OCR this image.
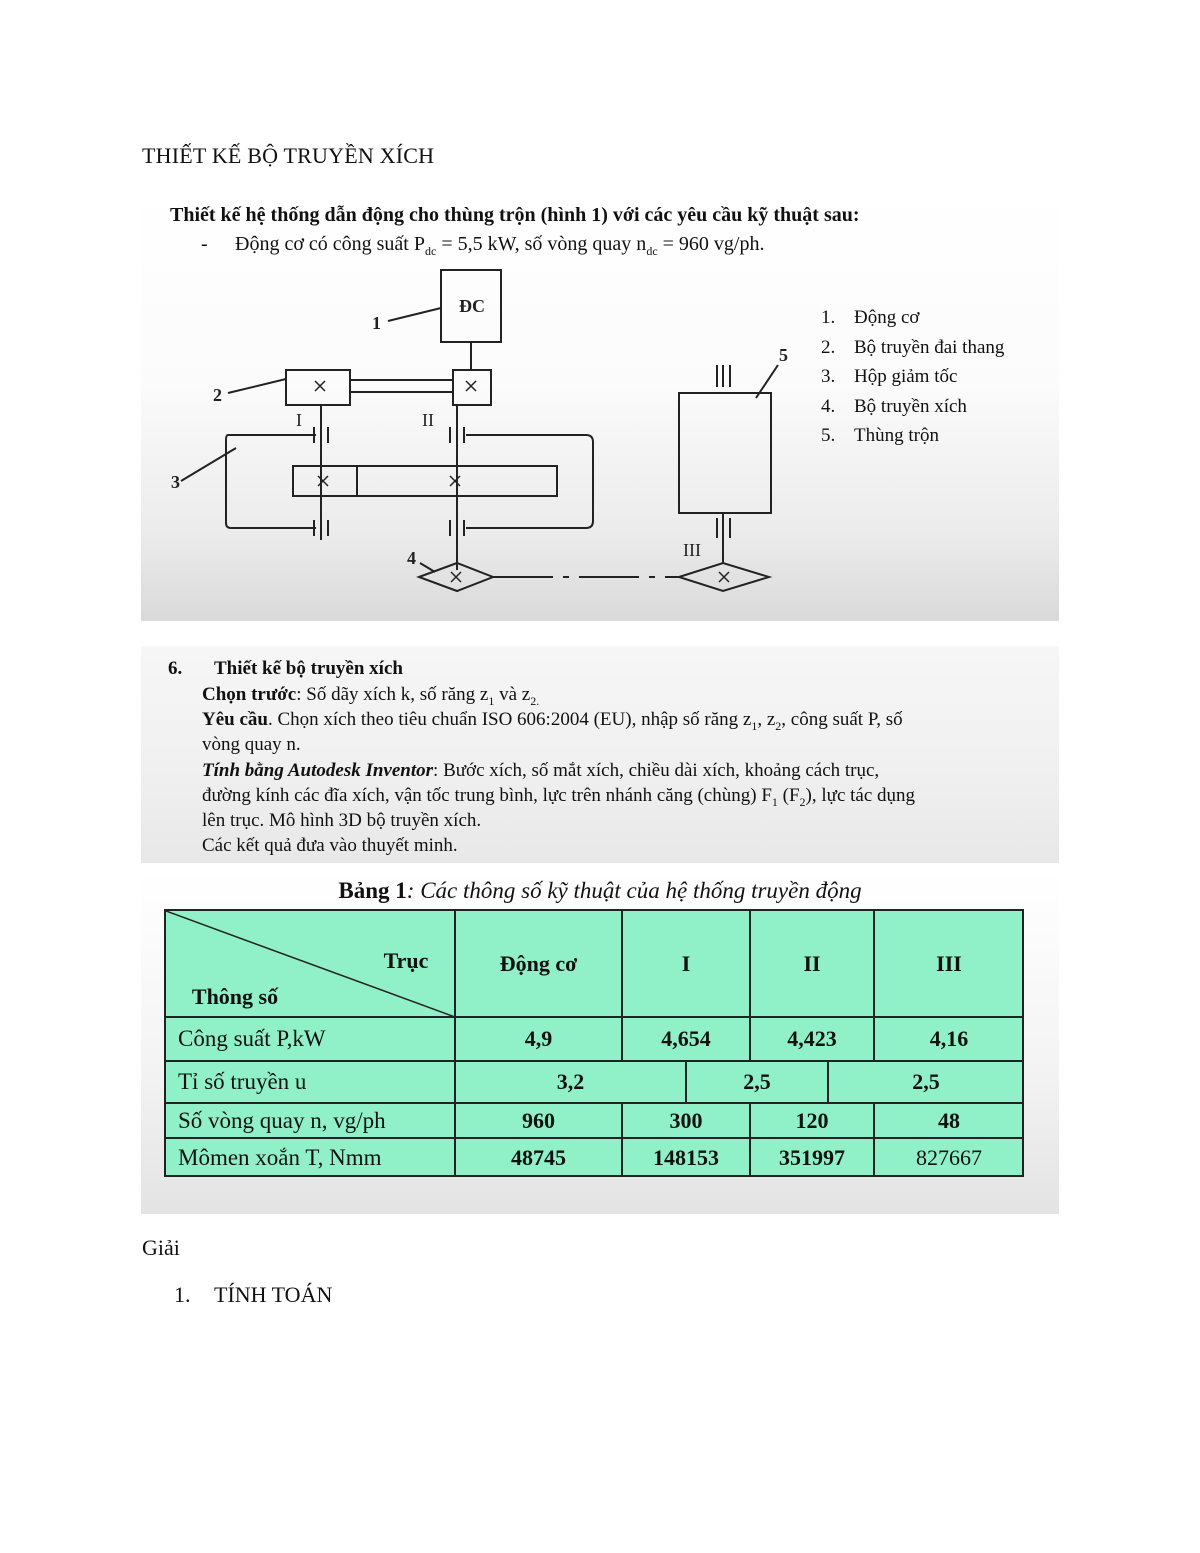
THIẾT KẾ BỘ TRUYỀN XÍCH
Thiết kế hệ thống dẫn động cho thùng trộn (hình 1) với các yêu cầu kỹ thuật sau:
- Động cơ có công suất $P_{dc} = 5,5$ kW, số vòng quay $n_{dc} = 960$ vg/ph.
ĐC
1
2
3
4
5
I	II
III
1. Động cơ
2. Bộ truyền đai thang
3. Hộp giảm tốc
4. Bộ truyền xích
5. Thùng trộn
6. Thiết kế bộ truyền xích
Chọn trước: Số dãy xích k, số răng $z_1$ và $z_{2.}$
Yêu cầu. Chọn xích theo tiêu chuẩn ISO 606:2004 (EU), nhập số răng $z_1$, $z_2$, công suất P, số
vòng quay n.
Tính bằng Autodesk Inventor: Bước xích, số mắt xích, chiều dài xích, khoảng cách trục,
đường kính các đĩa xích, vận tốc trung bình, lực trên nhánh căng (chùng) $F_1$ $(F_2)$, lực tác dụng
lên trục. Mô hình 3D bộ truyền xích.
Các kết quả đưa vào thuyết minh.
Bảng 1: Các thông số kỹ thuật của hệ thống truyền động
Trục
Thông số
Động cơ	I	II	III
Công suất P,kW	4,9	4,654	4,423	4,16
Tỉ số truyền u	3,2	2,5	2,5
Số vòng quay n, vg/ph	960	300	120	48
Mômen xoắn T, Nmm	48745	148153	351997	827667
Giải
1. TÍNH TOÁN
